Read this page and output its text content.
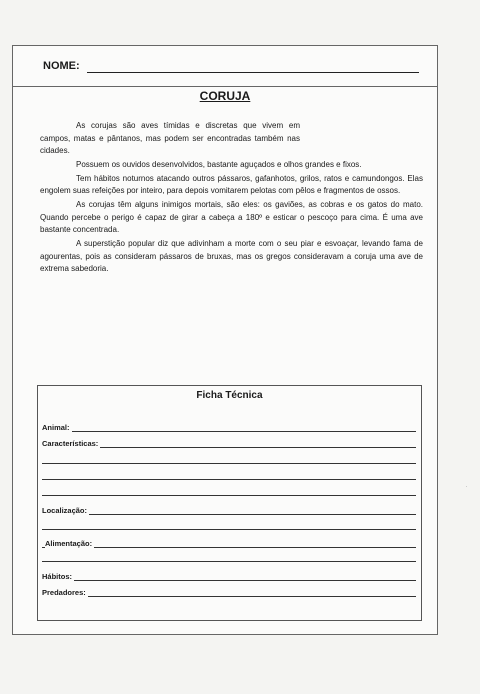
NOME:
CORUJA

As corujas são aves tímidas e discretas que vivem em campos, matas e pântanos, mas podem ser encontradas também nas cidades.

Possuem os ouvidos desenvolvidos, bastante aguçados e olhos grandes e fixos.

Tem hábitos noturnos atacando outros pássaros, gafanhotos, grilos, ratos e camundongos. Elas engolem suas refeições por inteiro, para depois vomitarem pelotas com pêlos e fragmentos de ossos.

As corujas têm alguns inimigos mortais, são eles: os gaviões, as cobras e os gatos do mato. Quando percebe o perigo é capaz de girar a cabeça a 180º e esticar o pescoço para cima. É uma ave bastante concentrada.

A superstição popular diz que adivinham a morte com o seu piar e esvoaçar, levando fama de agourentas, pois as consideram pássaros de bruxas, mas os gregos consideravam a coruja uma ave de extrema sabedoria.

Ficha Técnica
Animal:
Características:
Localização:
Alimentação:
Hábitos:
Predadores:
